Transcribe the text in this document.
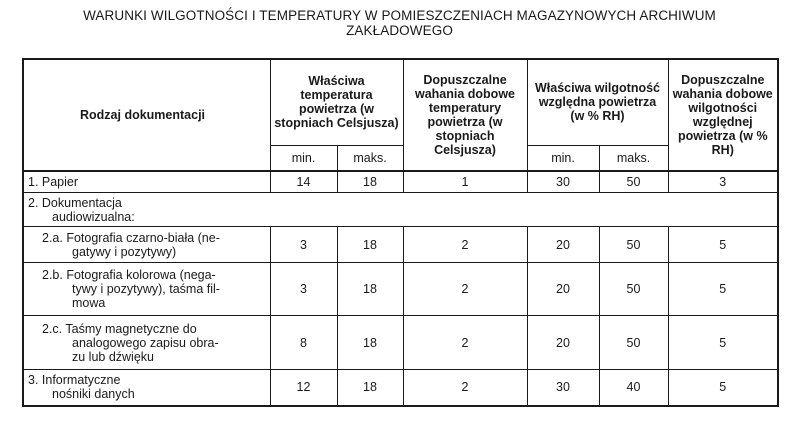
WARUNKI WILGOTNOŚCI I TEMPERATURY W POMIESZCZENIACH MAGAZYNOWYCH ARCHIWUM
ZAKŁADOWEGO
Rodzaj dokumentacji	Właściwa temperatura powietrza (w stopniach Celsjusza)		Dopuszczalne wahania dobowe temperatury powietrza (w stopniach Celsjusza)	Właściwa wilgotność względna powietrza (w % RH)		Dopuszczalne wahania dobowe wilgotności względnej powietrza (w % RH)

	min.	maks.		min.	maks.	
1. Papier	14	18	1	30	50	3

2. Dokumentacja
audiowizualna:						

2.a. Fotografia czarno-biała (ne-
gatywy i pozytywy)	3	18	2	20	50	5

2.b. Fotografia kolorowa (nega-
tywy i pozytywy), taśma fil-
mowa	3	18	2	20	50	5

2.c. Taśmy magnetyczne do
analogowego zapisu obra-
zu lub dźwięku	8	18	2	20	50	5

3. Informatyczne
nośniki danych	12	18	2	30	40	5
